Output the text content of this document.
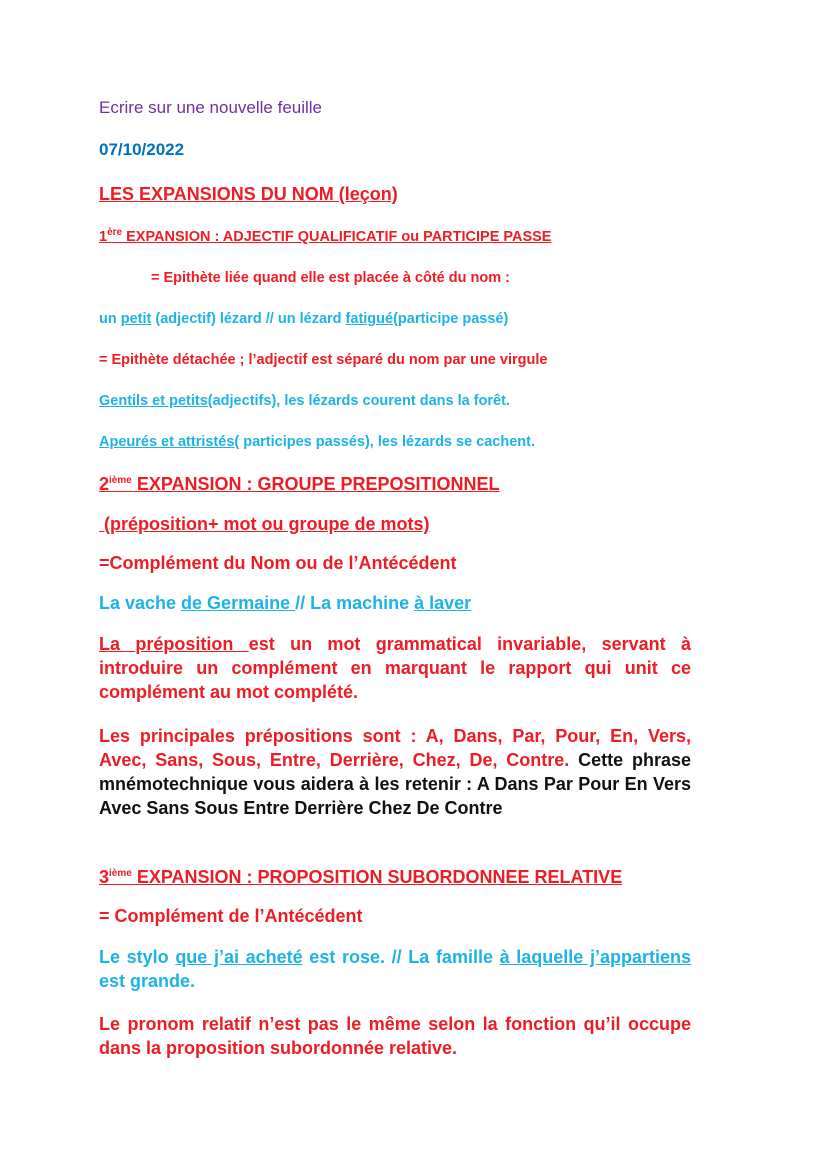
Ecrire sur une nouvelle feuille

07/10/2022

LES EXPANSIONS DU NOM (leçon)

1ère EXPANSION : ADJECTIF QUALIFICATIF ou PARTICIPE PASSE

= Epithète liée quand elle est placée à côté du nom :

un petit (adjectif) lézard // un lézard fatigué(participe passé)

= Epithète détachée ; l’adjectif est séparé du nom par une virgule

Gentils et petits(adjectifs), les lézards courent dans la forêt.

Apeurés et attristés( participes passés), les lézards se cachent.

2ième EXPANSION : GROUPE PREPOSITIONNEL

(préposition+ mot ou groupe de mots)

=Complément du Nom ou de l’Antécédent

La vache de Germaine // La machine à laver

La préposition est un mot grammatical invariable, servant à introduire un complément en marquant le rapport qui unit ce complément au mot complété.

Les principales prépositions sont : A, Dans, Par, Pour, En, Vers, Avec, Sans, Sous, Entre, Derrière, Chez, De, Contre. Cette phrase mnémotechnique vous aidera à les retenir : A Dans Par Pour En Vers Avec Sans Sous Entre Derrière Chez De Contre

3ième EXPANSION : PROPOSITION SUBORDONNEE RELATIVE

= Complément de l’Antécédent

Le stylo que j’ai acheté est rose. // La famille à laquelle j’appartiens est grande.

Le pronom relatif n’est pas le même selon la fonction qu’il occupe dans la proposition subordonnée relative.
